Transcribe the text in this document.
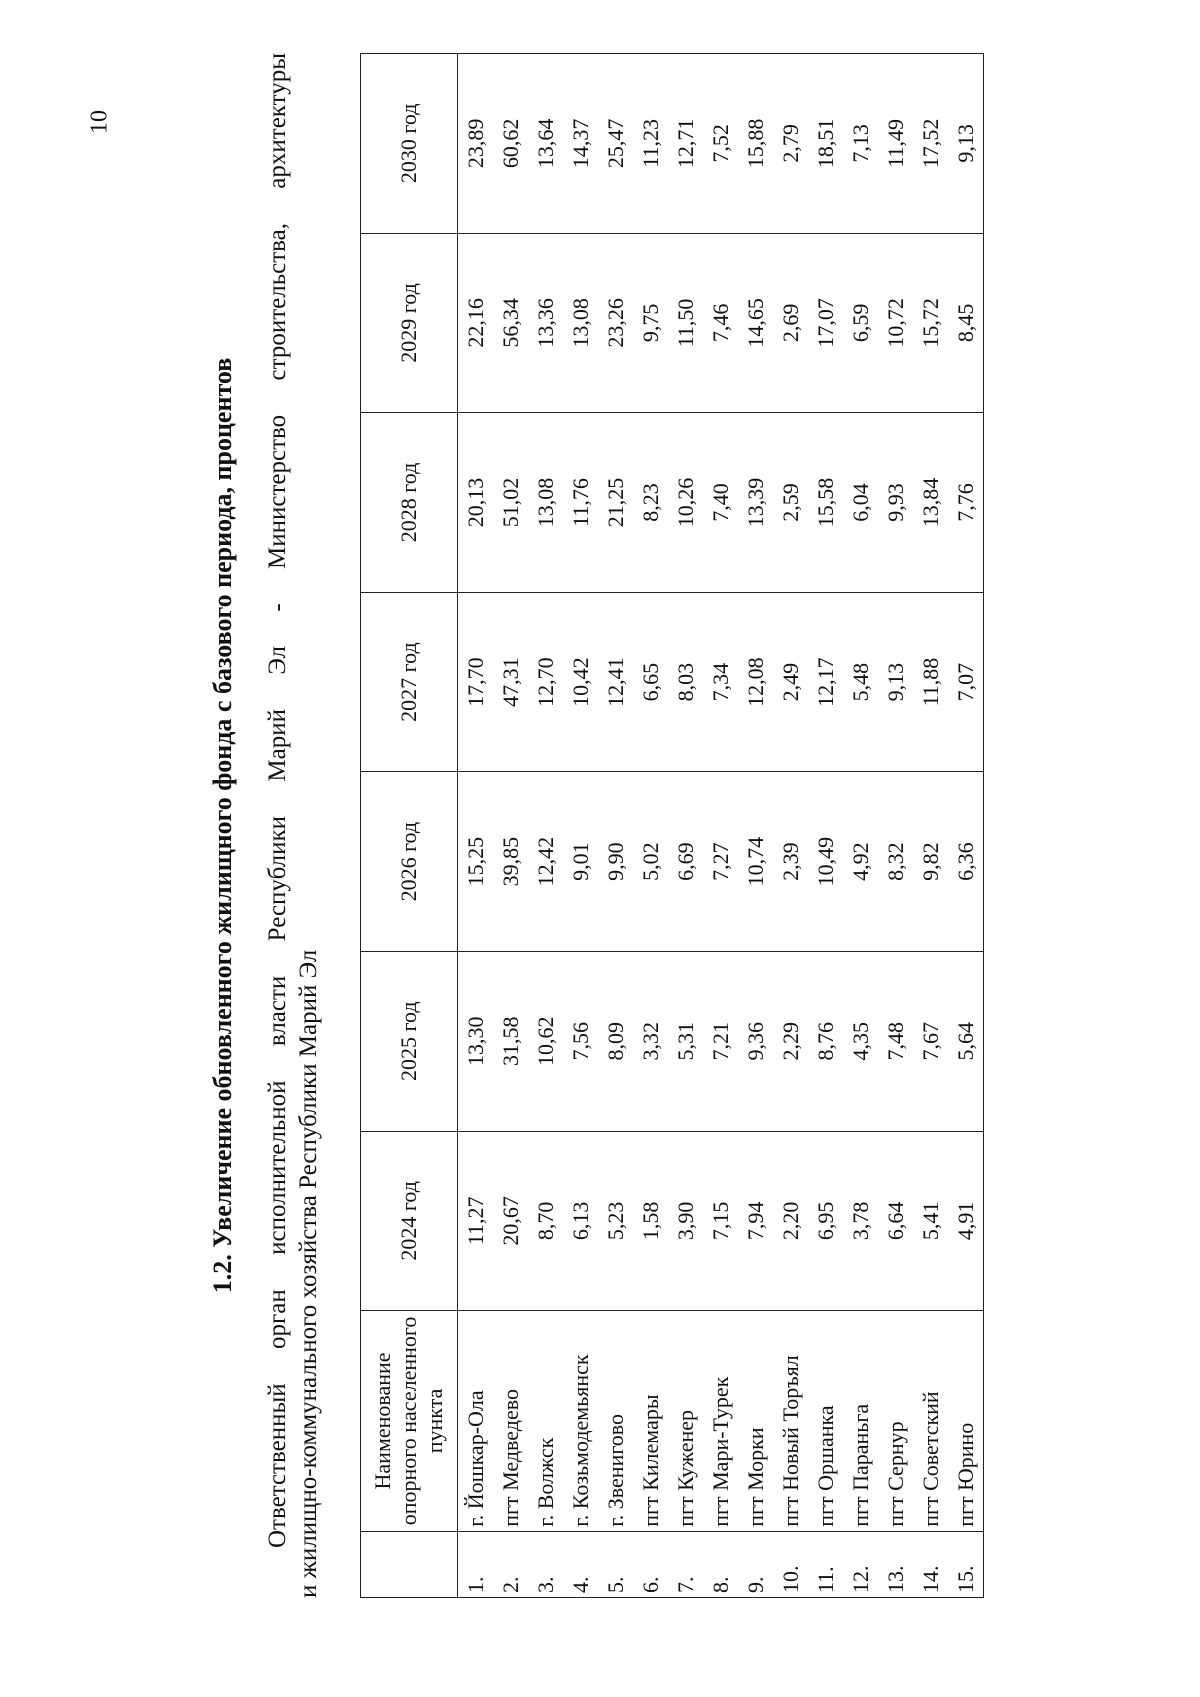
10
1.2. Увеличение обновленного жилищного фонда с базового периода, процентов Ответственный орган исполнительной власти Республики Марий Эл - Министерство строительства, архитектуры и жилищно-коммунального хозяйства Республики Марий Эл

	Наименование опорного населенного пункта	2024 год	2025 год	2026 год	2027 год	2028 год	2029 год	2030 год
1.	г. Йошкар-Ола	11,27	13,30	15,25	17,70	20,13	22,16	23,89
2.	пгт Медведево	20,67	31,58	39,85	47,31	51,02	56,34	60,62
3.	г. Волжск	8,70	10,62	12,42	12,70	13,08	13,36	13,64
4.	г. Козьмодемьянск	6,13	7,56	9,01	10,42	11,76	13,08	14,37
5.	г. Звенигово	5,23	8,09	9,90	12,41	21,25	23,26	25,47
6.	пгт Килемары	1,58	3,32	5,02	6,65	8,23	9,75	11,23
7.	пгт Куженер	3,90	5,31	6,69	8,03	10,26	11,50	12,71
8.	пгт Мари-Турек	7,15	7,21	7,27	7,34	7,40	7,46	7,52
9.	пгт Морки	7,94	9,36	10,74	12,08	13,39	14,65	15,88
10.	пгт Новый Торъял	2,20	2,29	2,39	2,49	2,59	2,69	2,79
11.	пгт Оршанка	6,95	8,76	10,49	12,17	15,58	17,07	18,51
12.	пгт Параньга	3,78	4,35	4,92	5,48	6,04	6,59	7,13
13.	пгт Сернур	6,64	7,48	8,32	9,13	9,93	10,72	11,49
14.	пгт Советский	5,41	7,67	9,82	11,88	13,84	15,72	17,52
15.	пгт Юрино	4,91	5,64	6,36	7,07	7,76	8,45	9,13
